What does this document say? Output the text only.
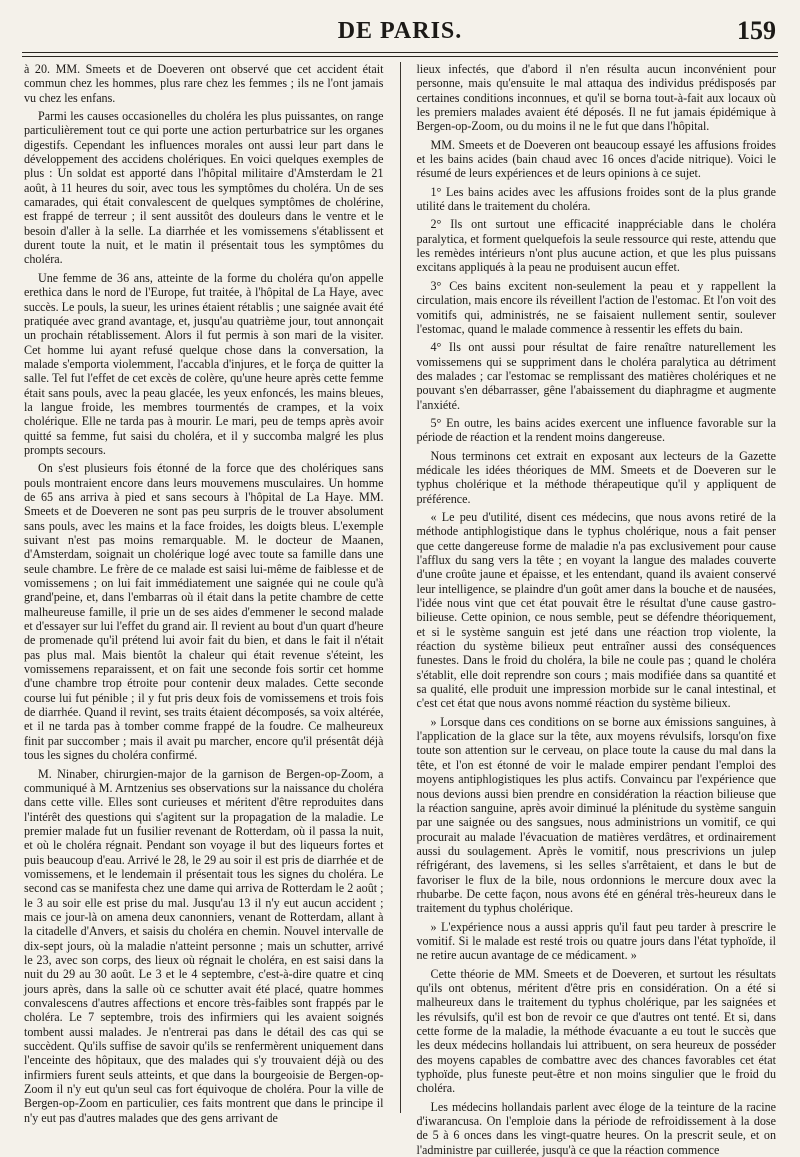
DE PARIS.	159

à 20. MM. Smeets et de Doeveren ont observé que cet accident était commun chez les hommes, plus rare chez les femmes ; ils ne l'ont jamais vu chez les enfans.

Parmi les causes occasionelles du choléra les plus puissantes, on range particulièrement tout ce qui porte une action perturbatrice sur les organes digestifs. Cependant les influences morales ont aussi leur part dans le développement des accidens cholériques. En voici quelques exemples de plus : Un soldat est apporté dans l'hôpital militaire d'Amsterdam le 21 août, à 11 heures du soir, avec tous les symptômes du choléra. Un de ses camarades, qui était convalescent de quelques symptômes de cholérine, est frappé de terreur ; il sent aussitôt des douleurs dans le ventre et le besoin d'aller à la selle. La diarrhée et les vomissemens s'établissent et durent toute la nuit, et le matin il présentait tous les symptômes du choléra.

Une femme de 36 ans, atteinte de la forme du choléra qu'on appelle erethica dans le nord de l'Europe, fut traitée, à l'hôpital de La Haye, avec succès. Le pouls, la sueur, les urines étaient rétablis ; une saignée avait été pratiquée avec grand avantage, et, jusqu'au quatrième jour, tout annonçait un prochain rétablissement. Alors il fut permis à son mari de la visiter. Cet homme lui ayant refusé quelque chose dans la conversation, la malade s'emporta violemment, l'accabla d'injures, et le força de quitter la salle. Tel fut l'effet de cet excès de colère, qu'une heure après cette femme était sans pouls, avec la peau glacée, les yeux enfoncés, les mains bleues, la langue froide, les membres tourmentés de crampes, et la voix cholérique. Elle ne tarda pas à mourir. Le mari, peu de temps après avoir quitté sa femme, fut saisi du choléra, et il y succomba malgré les plus prompts secours.

On s'est plusieurs fois étonné de la force que des cholériques sans pouls montraient encore dans leurs mouvemens musculaires. Un homme de 65 ans arriva à pied et sans secours à l'hôpital de La Haye. MM. Smeets et de Doeveren ne sont pas peu surpris de le trouver absolument sans pouls, avec les mains et la face froides, les doigts bleus. L'exemple suivant n'est pas moins remarquable. M. le docteur de Maanen, d'Amsterdam, soignait un cholérique logé avec toute sa famille dans une seule chambre. Le frère de ce malade est saisi lui-même de faiblesse et de vomissemens ; on lui fait immédiatement une saignée qui ne coule qu'à grand'peine, et, dans l'embarras où il était dans la petite chambre de cette malheureuse famille, il prie un de ses aides d'emmener le second malade et d'essayer sur lui l'effet du grand air. Il revient au bout d'un quart d'heure de promenade qu'il prétend lui avoir fait du bien, et dans le fait il n'était pas plus mal. Mais bientôt la chaleur qui était revenue s'éteint, les vomissemens reparaissent, et on fait une seconde fois sortir cet homme d'une chambre trop étroite pour contenir deux malades. Cette seconde course lui fut pénible ; il y fut pris deux fois de vomissemens et trois fois de diarrhée. Quand il revint, ses traits étaient décomposés, sa voix altérée, et il ne tarda pas à tomber comme frappé de la foudre. Ce malheureux finit par succomber ; mais il avait pu marcher, encore qu'il présentât déjà tous les signes du choléra confirmé.

M. Ninaber, chirurgien-major de la garnison de Bergen-op-Zoom, a communiqué à M. Arntzenius ses observations sur la naissance du choléra dans cette ville. Elles sont curieuses et méritent d'être reproduites dans l'intérêt des questions qui s'agitent sur la propagation de la maladie. Le premier malade fut un fusilier revenant de Rotterdam, où il passa la nuit, et où le choléra régnait. Pendant son voyage il but des liqueurs fortes et puis beaucoup d'eau. Arrivé le 28, le 29 au soir il est pris de diarrhée et de vomissemens, et le lendemain il présentait tous les signes du choléra. Le second cas se manifesta chez une dame qui arriva de Rotterdam le 2 août ; le 3 au soir elle est prise du mal. Jusqu'au 13 il n'y eut aucun accident ; mais ce jour-là on amena deux canonniers, venant de Rotterdam, allant à la citadelle d'Anvers, et saisis du choléra en chemin. Nouvel intervalle de dix-sept jours, où la maladie n'atteint personne ; mais un schutter, arrivé le 23, avec son corps, des lieux où régnait le choléra, en est saisi dans la nuit du 29 au 30 août. Le 3 et le 4 septembre, c'est-à-dire quatre et cinq jours après, dans la salle où ce schutter avait été placé, quatre hommes convalescens d'autres affections et encore très-faibles sont frappés par le choléra. Le 7 septembre, trois des infirmiers qui les avaient soignés tombent aussi malades. Je n'entrerai pas dans le détail des cas qui se succèdent. Qu'ils suffise de savoir qu'ils se renfermèrent uniquement dans l'enceinte des hôpitaux, que des malades qui s'y trouvaient déjà ou des infirmiers furent seuls atteints, et que dans la bourgeoisie de Bergen-op-Zoom il n'y eut qu'un seul cas fort équivoque de choléra. Pour la ville de Bergen-op-Zoom en particulier, ces faits montrent que dans le principe il n'y eut pas d'autres malades que des gens arrivant de

lieux infectés, que d'abord il n'en résulta aucun inconvénient pour personne, mais qu'ensuite le mal attaqua des individus prédisposés par certaines conditions inconnues, et qu'il se borna tout-à-fait aux locaux où les premiers malades avaient été déposés. Il ne fut jamais épidémique à Bergen-op-Zoom, ou du moins il ne le fut que dans l'hôpital.

MM. Smeets et de Doeveren ont beaucoup essayé les affusions froides et les bains acides (bain chaud avec 16 onces d'acide nitrique). Voici le résumé de leurs expériences et de leurs opinions à ce sujet.

1° Les bains acides avec les affusions froides sont de la plus grande utilité dans le traitement du choléra.

2° Ils ont surtout une efficacité inappréciable dans le choléra paralytica, et forment quelquefois la seule ressource qui reste, attendu que les remèdes intérieurs n'ont plus aucune action, et que les plus puissans excitans appliqués à la peau ne produisent aucun effet.

3° Ces bains excitent non-seulement la peau et y rappellent la circulation, mais encore ils réveillent l'action de l'estomac. Et l'on voit des vomitifs qui, administrés, ne se faisaient nullement sentir, soulever l'estomac, quand le malade commence à ressentir les effets du bain.

4° Ils ont aussi pour résultat de faire renaître naturellement les vomissemens qui se suppriment dans le choléra paralytica au détriment des malades ; car l'estomac se remplissant des matières cholériques et ne pouvant s'en débarrasser, gêne l'abaissement du diaphragme et augmente l'anxiété.

5° En outre, les bains acides exercent une influence favorable sur la période de réaction et la rendent moins dangereuse.

Nous terminons cet extrait en exposant aux lecteurs de la Gazette médicale les idées théoriques de MM. Smeets et de Doeveren sur le typhus cholérique et la méthode thérapeutique qu'il y appliquent de préférence.

« Le peu d'utilité, disent ces médecins, que nous avons retiré de la méthode antiphlogistique dans le typhus cholérique, nous a fait penser que cette dangereuse forme de maladie n'a pas exclusivement pour cause l'afflux du sang vers la tête ; en voyant la langue des malades couverte d'une croûte jaune et épaisse, et les entendant, quand ils avaient conservé leur intelligence, se plaindre d'un goût amer dans la bouche et de nausées, l'idée nous vint que cet état pouvait être le résultat d'une cause gastro-bilieuse. Cette opinion, ce nous semble, peut se défendre théoriquement, et si le système sanguin est jeté dans une réaction trop violente, la réaction du système bilieux peut entraîner aussi des conséquences funestes. Dans le froid du choléra, la bile ne coule pas ; quand le choléra s'établit, elle doit reprendre son cours ; mais modifiée dans sa quantité et sa qualité, elle produit une impression morbide sur le canal intestinal, et c'est cet état que nous avons nommé réaction du système bilieux.

» Lorsque dans ces conditions on se borne aux émissions sanguines, à l'application de la glace sur la tête, aux moyens révulsifs, lorsqu'on fixe toute son attention sur le cerveau, on place toute la cause du mal dans la tête, et l'on est étonné de voir le malade empirer pendant l'emploi des moyens antiphlogistiques les plus actifs. Convaincu par l'expérience que nous devions aussi bien prendre en considération la réaction bilieuse que la réaction sanguine, après avoir diminué la plénitude du système sanguin par une saignée ou des sangsues, nous administrions un vomitif, ce qui procurait au malade l'évacuation de matières verdâtres, et ordinairement aussi du soulagement. Après le vomitif, nous prescrivions un julep réfrigérant, des lavemens, si les selles s'arrêtaient, et dans le but de favoriser le flux de la bile, nous ordonnions le mercure doux avec la rhubarbe. De cette façon, nous avons été en général très-heureux dans le traitement du typhus cholérique.

» L'expérience nous a aussi appris qu'il faut peu tarder à prescrire le vomitif. Si le malade est resté trois ou quatre jours dans l'état typhoïde, il ne retire aucun avantage de ce médicament. »

Cette théorie de MM. Smeets et de Doeveren, et surtout les résultats qu'ils ont obtenus, méritent d'être pris en considération. On a été si malheureux dans le traitement du typhus cholérique, par les saignées et les révulsifs, qu'il est bon de revoir ce que d'autres ont tenté. Et si, dans cette forme de la maladie, la méthode évacuante a eu tout le succès que les deux médecins hollandais lui attribuent, on sera heureux de posséder des moyens capables de combattre avec des chances favorables cet état typhoïde, plus funeste peut-être et non moins singulier que le froid du choléra.

Les médecins hollandais parlent avec éloge de la teinture de la racine d'iwarancusa. On l'emploie dans la période de refroidissement à la dose de 5 à 6 onces dans les vingt-quatre heures. On la prescrit seule, et on l'administre par cuillerée, jusqu'à ce que la réaction commence
